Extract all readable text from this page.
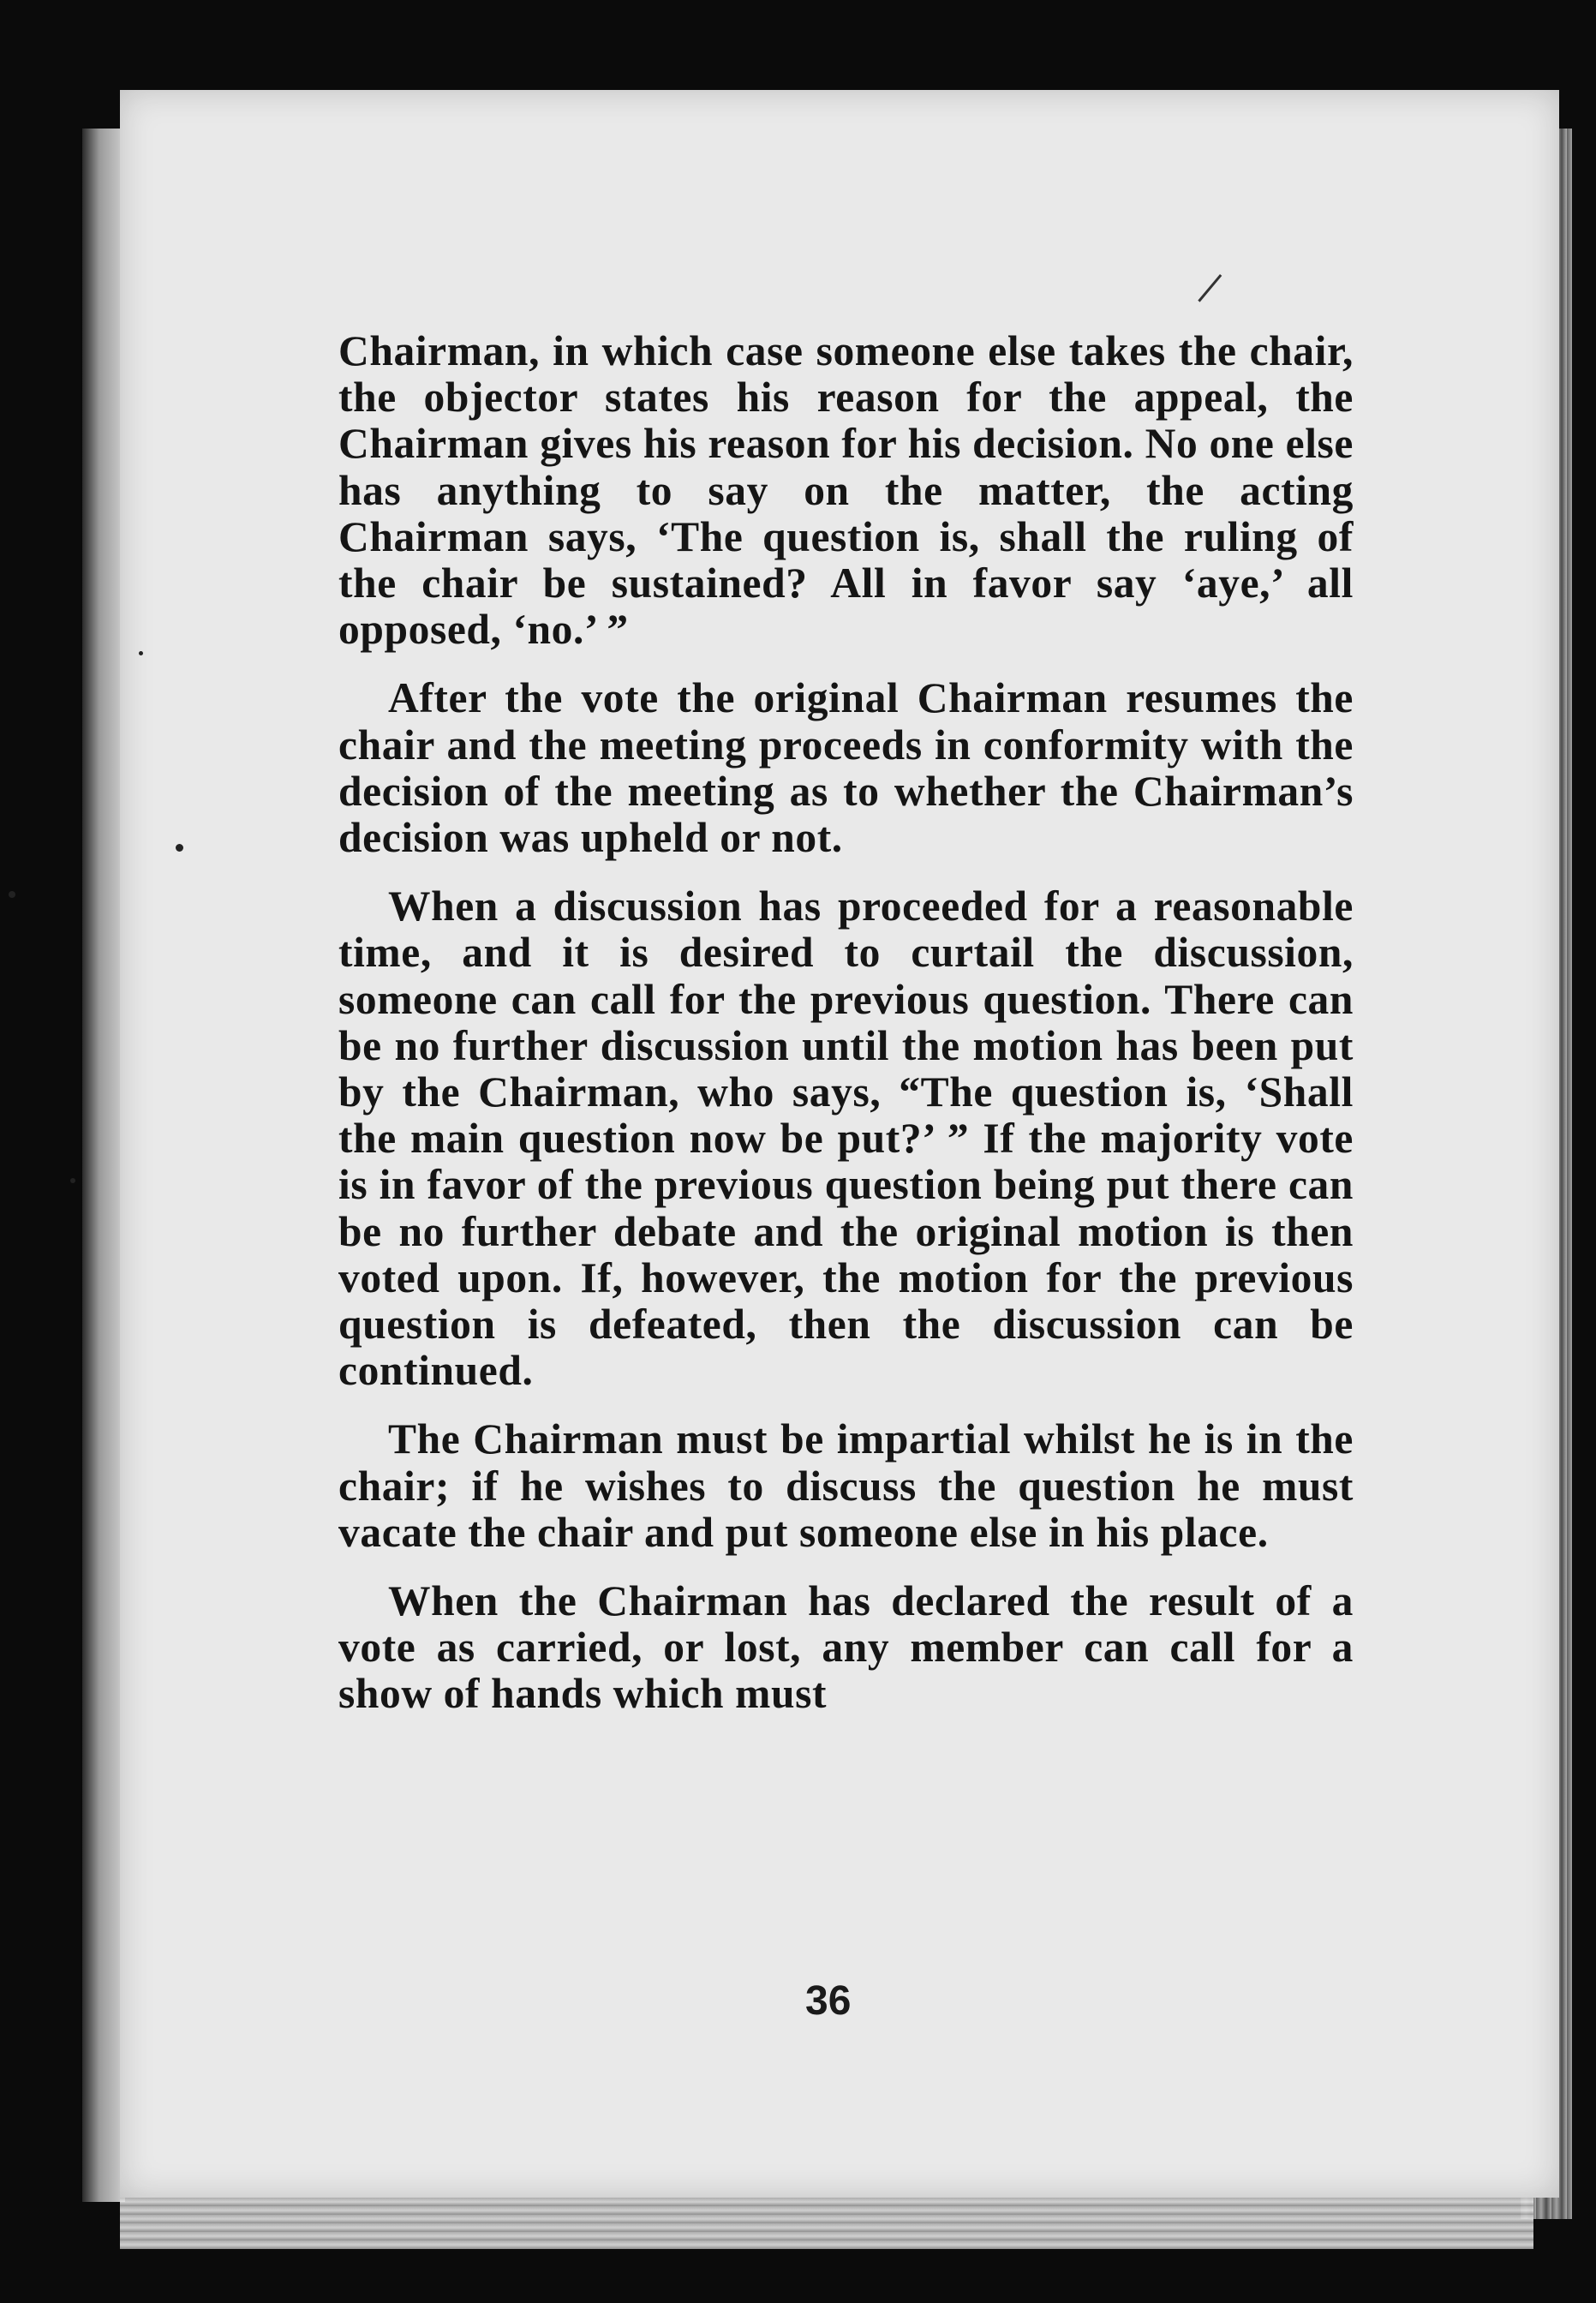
Chairman, in which case someone else takes the chair, the objector states his reason for the appeal, the Chairman gives his reason for his decision. No one else has anything to say on the matter, the acting Chairman says, ‘The question is, shall the ruling of the chair be sustained? All in favor say ‘aye,’ all opposed, ‘no.’ ”

After the vote the original Chairman resumes the chair and the meeting proceeds in conformity with the decision of the meeting as to whether the Chairman’s decision was upheld or not.

When a discussion has proceeded for a reasonable time, and it is desired to curtail the discussion, someone can call for the previous question. There can be no further discussion until the motion has been put by the Chairman, who says, “The question is, ‘Shall the main question now be put?’ ” If the majority vote is in favor of the previous question being put there can be no further debate and the original motion is then voted upon. If, however, the motion for the previous question is defeated, then the discussion can be continued.

The Chairman must be impartial whilst he is in the chair; if he wishes to discuss the question he must vacate the chair and put someone else in his place.

When the Chairman has declared the result of a vote as carried, or lost, any member can call for a show of hands which must

36
